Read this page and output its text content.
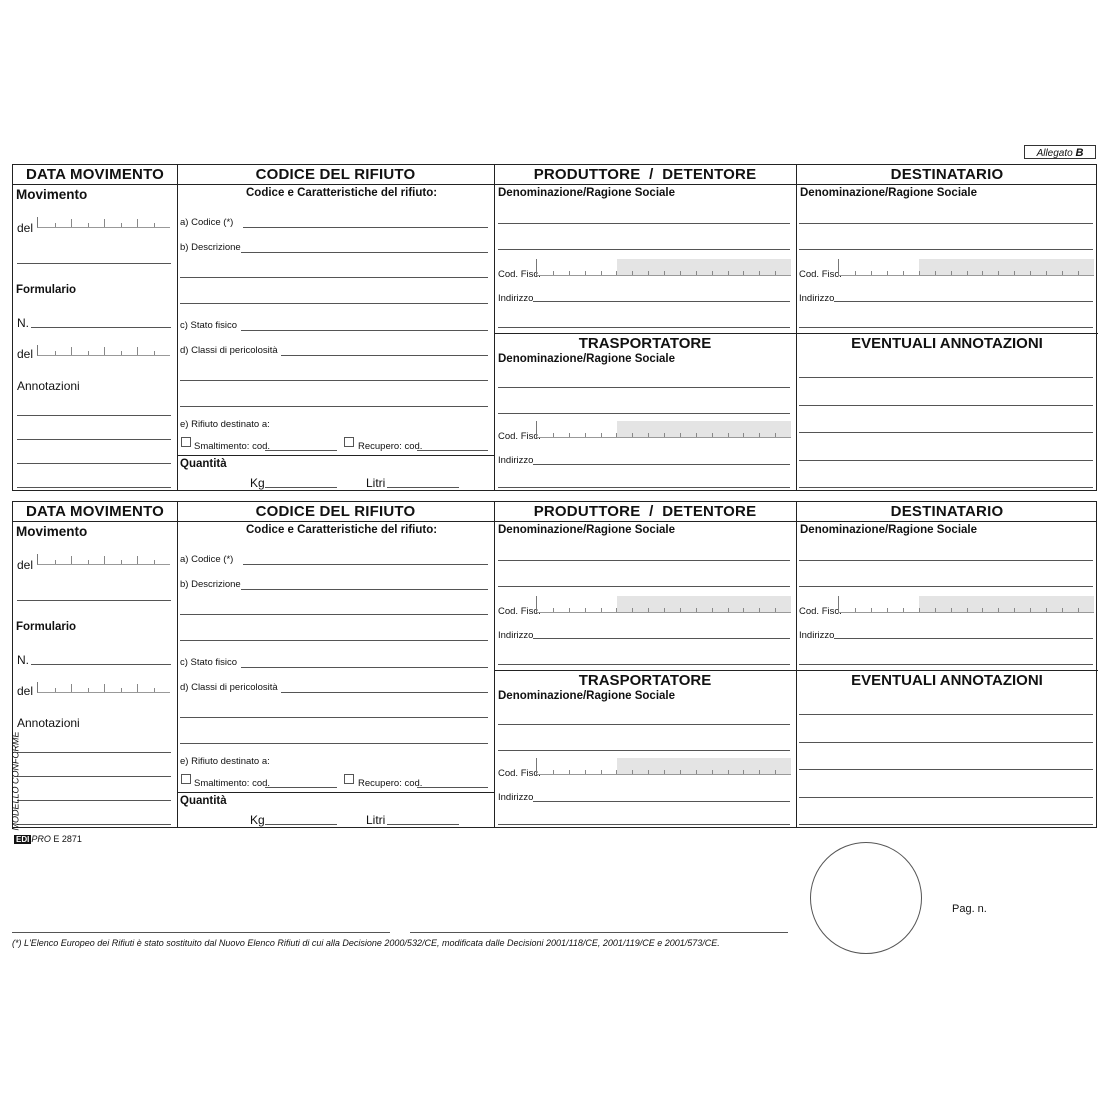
Allegato B
DATA MOVIMENTO	CODICE DEL RIFIUTO	PRODUTTORE  /  DETENTORE	DESTINATARIO
Movimento
del
Formulario
N.
del
Annotazioni
Codice e Caratteristiche del rifiuto:
a) Codice (*)
b) Descrizione
c) Stato fisico
d) Classi di pericolosità
e) Rifiuto destinato a:
Smaltimento: cod.	Recupero: cod.
Quantità
Kg	Litri
Denominazione/Ragione Sociale
Cod. Fisc.
Indirizzo
TRASPORTATORE
Denominazione/Ragione Sociale
Cod. Fisc.
Indirizzo
Denominazione/Ragione Sociale
Cod. Fisc.
Indirizzo
EVENTUALI ANNOTAZIONI
DATA MOVIMENTO	CODICE DEL RIFIUTO	PRODUTTORE  /  DETENTORE	DESTINATARIO
Movimento
del
Formulario
N.
del
Annotazioni
Codice e Caratteristiche del rifiuto:
a) Codice (*)
b) Descrizione
c) Stato fisico
d) Classi di pericolosità
e) Rifiuto destinato a:
Smaltimento: cod.	Recupero: cod.
Quantità
Kg	Litri
Denominazione/Ragione Sociale
Cod. Fisc.
Indirizzo
TRASPORTATORE
Denominazione/Ragione Sociale
Cod. Fisc.
Indirizzo
Denominazione/Ragione Sociale
Cod. Fisc.
Indirizzo
EVENTUALI ANNOTAZIONI
EDI PRO E 2871
MODELLO CONFORME
(*) L'Elenco Europeo dei Rifiuti è stato sostituito dal Nuovo Elenco Rifiuti di cui alla Decisione 2000/532/CE, modificata dalle Decisioni 2001/118/CE, 2001/119/CE e 2001/573/CE.
Pag. n.
